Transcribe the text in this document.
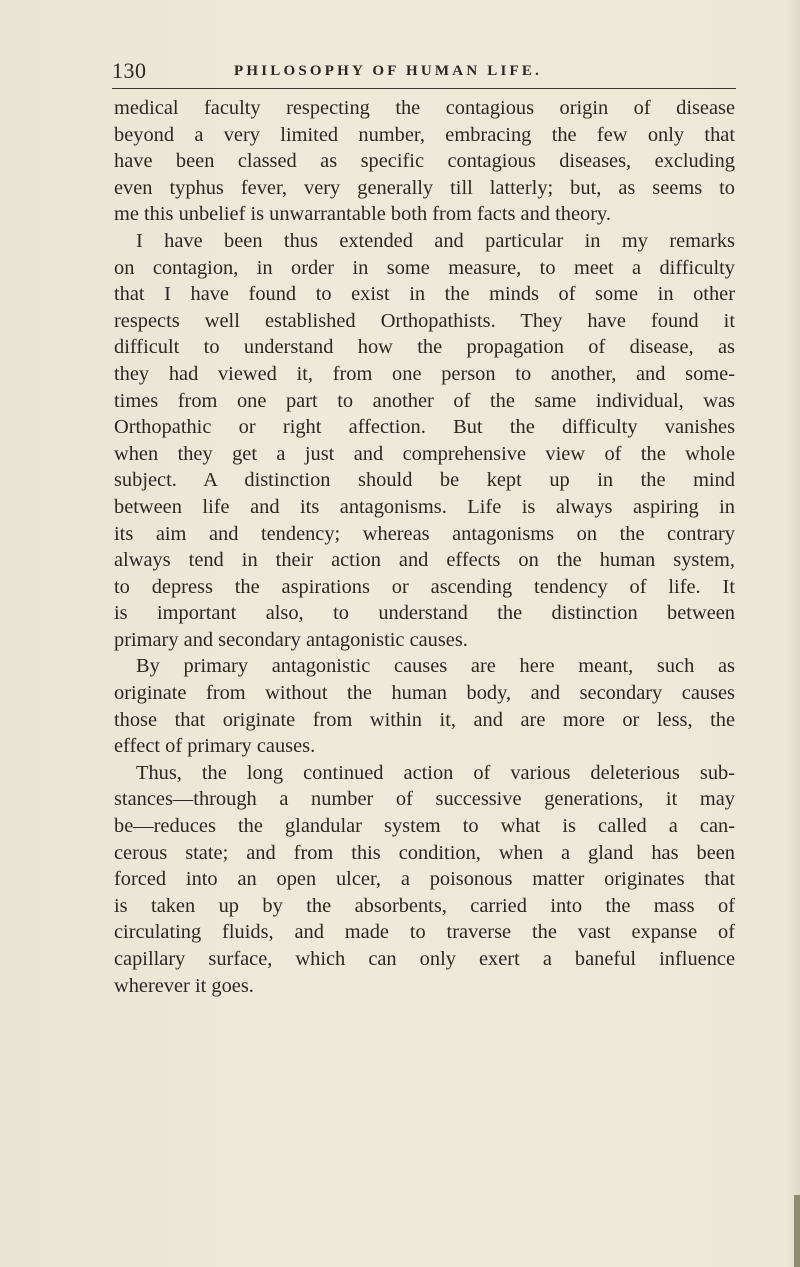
130	PHILOSOPHY OF HUMAN LIFE.
medical faculty respecting the contagious origin of disease
beyond a very limited number, embracing the few only that
have been classed as specific contagious diseases, excluding
even typhus fever, very generally till latterly; but, as seems to
me this unbelief is unwarrantable both from facts and theory.
I have been thus extended and particular in my remarks
on contagion, in order in some measure, to meet a difficulty
that I have found to exist in the minds of some in other
respects well established Orthopathists. They have found it
difficult to understand how the propagation of disease, as
they had viewed it, from one person to another, and some-
times from one part to another of the same individual, was
Orthopathic or right affection. But the difficulty vanishes
when they get a just and comprehensive view of the whole
subject. A distinction should be kept up in the mind
between life and its antagonisms. Life is always aspiring in
its aim and tendency; whereas antagonisms on the contrary
always tend in their action and effects on the human system,
to depress the aspirations or ascending tendency of life. It
is important also, to understand the distinction between
primary and secondary antagonistic causes.
By primary antagonistic causes are here meant, such as
originate from without the human body, and secondary causes
those that originate from within it, and are more or less, the
effect of primary causes.
Thus, the long continued action of various deleterious sub-
stances—through a number of successive generations, it may
be—reduces the glandular system to what is called a can-
cerous state; and from this condition, when a gland has been
forced into an open ulcer, a poisonous matter originates that
is taken up by the absorbents, carried into the mass of
circulating fluids, and made to traverse the vast expanse of
capillary surface, which can only exert a baneful influence
wherever it goes.
